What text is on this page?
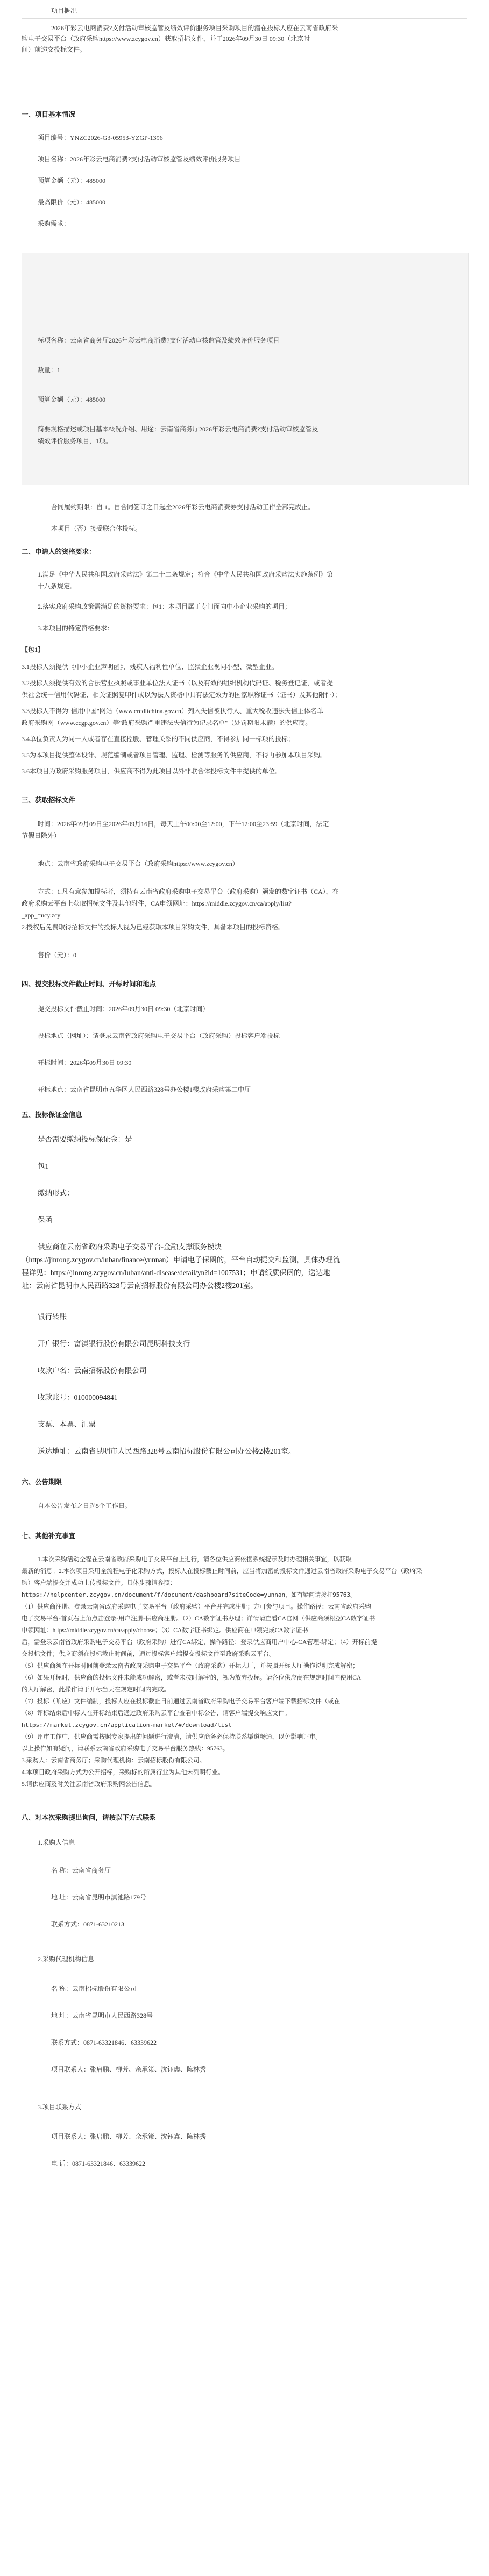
项目概况
2026年彩云电商消费?支付活动审核监管及绩效评价服务项目采购项目的潜在投标人应在云南省政府采
购电子交易平台（政府采购https://www.zcygov.cn）获取招标文件，并于2026年09月30日 09:30（北京时
间）前递交投标文件。
一、项目基本情况
项目编号：YNZC2026-G3-05953-YZGP-1396
项目名称：2026年彩云电商消费?支付活动审核监管及绩效评价服务项目
预算金额（元）：485000
最高限价（元）：485000
采购需求：
标项名称：云南省商务厅2026年彩云电商消费?支付活动审核监管及绩效评价服务项目
数量：1
预算金额（元）：485000
简要规格描述或项目基本概况介绍、用途：云南省商务厅2026年彩云电商消费?支付活动审核监管及
绩效评价服务项目，1项。
合同履约期限：自 1。自合同签订之日起至2026年彩云电商消费券支付活动工作全部完成止。
本项目（否）接受联合体投标。
二、申请人的资格要求：
1.满足《中华人民共和国政府采购法》第二十二条规定；符合《中华人民共和国政府采购法实施条例》第
十八条规定。
2.落实政府采购政策需满足的资格要求：包1：本项目属于专门面向中小企业采购的项目；
3.本项目的特定资格要求：
【包1】
3.1投标人须提供《中小企业声明函》，残疾人福利性单位、监狱企业视同小型、微型企业。
3.2投标人须提供有效的合法营业执照或事业单位法人证书（以及有效的组织机构代码证、税务登记证，或者提
供社会统一信用代码证、相关证照复印件或以为法人资格中具有法定效力的国家职称证书（证书）及其他附件）；
3.3投标人不得为"信用中国"网站（www.creditchina.gov.cn）列入失信被执行人、重大税收违法失信主体名单
政府采购网（www.ccgp.gov.cn）等"政府采购严重违法失信行为记录名单"（处罚期限未满）的供应商。
3.4单位负责人为同一人或者存在直接控股、管理关系的不同供应商，不得参加同一标项的投标；
3.5为本项目提供整体设计、规范编制或者项目管理、监理、检测等服务的供应商，不得再参加本项目采购。
3.6本项目为政府采购服务项目，供应商不得为此项目以外非联合体投标文件中提供的单位。
三、获取招标文件
时间：2026年09月09日至2026年09月16日，每天上午00:00至12:00，下午12:00至23:59（北京时间，法定
节假日除外）
地点：云南省政府采购电子交易平台（政府采购https://www.zcygov.cn）
方式：1.凡有意参加投标者，须持有云南省政府采购电子交易平台（政府采购）颁发的数字证书（CA），在
政府采购云平台上获取招标文件及其他附件，CA申领网址：https://middle.zcygov.cn/ca/apply/list?
_app_=ucy.zcy
2.授权后免费取得招标文件的投标人视为已经获取本项目采购文件，具备本项目的投标资格。
售价（元）：0
四、提交投标文件截止时间、开标时间和地点
提交投标文件截止时间：2026年09月30日 09:30（北京时间）
投标地点（网址）：请登录云南省政府采购电子交易平台（政府采购）投标客户端投标
开标时间：2026年09月30日 09:30
开标地点：云南省昆明市五华区人民西路328号办公楼1楼政府采购第二中厅
五、投标保证金信息
是否需要缴纳投标保证金：是
包1
缴纳形式：
保函
供应商在云南省政府采购电子交易平台-金融支撑服务模块
（https://jinrong.zcygov.cn/luban/finance/yunnan）申请电子保函的，平台自动提交和监测，具体办理流
程详见：https://jinrong.zcygov.cn/luban/anti-disease/detail/yn?id=1007531；申请纸质保函的，送达地
址：云南省昆明市人民西路328号云南招标股份有限公司办公楼2楼201室。
银行转账
开户银行：富滇银行股份有限公司昆明科技支行
收款户名：云南招标股份有限公司
收款账号：010000094841
支票、本票、汇票
送达地址：云南省昆明市人民西路328号云南招标股份有限公司办公楼2楼201室。
六、公告期限
自本公告发布之日起5个工作日。
七、其他补充事宜
1.本次采购活动全程在云南省政府采购电子交易平台上进行，请各位供应商依据系统提示及时办理相关事宜，以获取
最新的消息。2.本次项目采用全流程电子化采购方式，投标人在投标截止时间前，应当将加密的投标文件通过云南省政府采购电子交易平台（政府采
购）客户端提交并成功上传投标文件。具体步骤请参照：
https://helpcenter.zcygov.cn/document/f/document/dashboard?siteCode=yunnan，如有疑问请拨打95763。
（1）供应商注册、登录云南省政府采购电子交易平台（政府采购）平台并完成注册；方可参与项目。操作路径：云南省政府采购
电子交易平台-首页右上角点击登录-用户注册-供应商注册。（2）CA数字证书办理；详情请查看CA官网（供应商须根据CA数字证书
申领网址：https://middle.zcygov.cn/ca/apply/choose；（3）CA数字证书绑定。供应商在申领完成CA数字证书
后，需登录云南省政府采购电子交易平台（政府采购）进行CA绑定，操作路径：登录供应商用户中心-CA管理-绑定；（4）开标前提
交投标文件；供应商须在投标截止时间前，通过投标客户端提交投标文件至政府采购云平台。
（5）供应商须在开标时间前登录云南省政府采购电子交易平台（政府采购）开标大厅，并按照开标大厅操作说明完成解密；
（6）如果开标时，供应商的投标文件未能成功解密，或者未按时解密的，视为放弃投标。请各位供应商在规定时间内使用CA
的大厅解密，此操作请于开标当天在规定时间内完成。
（7）投标（响应）文件编制，投标人应在投标截止日前通过云南省政府采购电子交易平台客户端下载招标文件（或在
（8）评标结束后中标人在开标结束后通过政府采购云平台查看中标公告，请客户端提交响应文件。
https://market.zcygov.cn/application-market/#/download/list
（9）评审工作中，供应商需按照专家提出的问题进行澄清，请供应商务必保持联系渠道畅通，以免影响评审。
以上操作如有疑问，请联系云南省政府采购电子交易平台服务热线：95763。
3.采购人：云南省商务厅；采购代理机构：云南招标股份有限公司。
4.本项目政府采购方式为公开招标，采购标的所属行业为其他未列明行业。
5.请供应商及时关注云南省政府采购网公告信息。
八、对本次采购提出询问，请按以下方式联系
1.采购人信息
名 称：云南省商务厅
地 址：云南省昆明市滇池路179号
联系方式：0871-63210213
2.采购代理机构信息
名 称：云南招标股份有限公司
地 址：云南省昆明市人民西路328号
联系方式：0871-63321846、63339622
项目联系人：张启鹏、柳芳、余承策、沈钰鑫、陈林秀
3.项目联系方式
项目联系人：张启鹏、柳芳、余承策、沈钰鑫、陈林秀
电 话：0871-63321846、63339622
